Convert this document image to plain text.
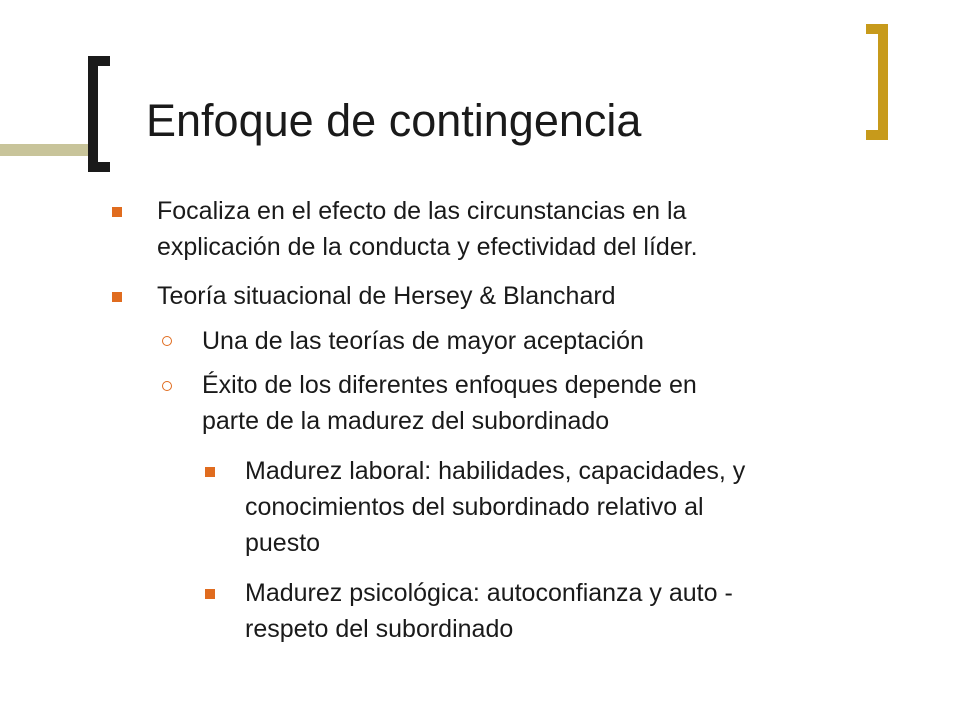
Enfoque de contingencia
Focaliza en el efecto de las circunstancias en la
explicación de la conducta y efectividad del líder.
Teoría situacional de Hersey & Blanchard
Una de las teorías de mayor aceptación
Éxito de los diferentes enfoques depende en
parte de la madurez del subordinado
Madurez laboral: habilidades, capacidades, y
conocimientos del subordinado relativo al
puesto
Madurez psicológica: autoconfianza y auto -
respeto del subordinado
